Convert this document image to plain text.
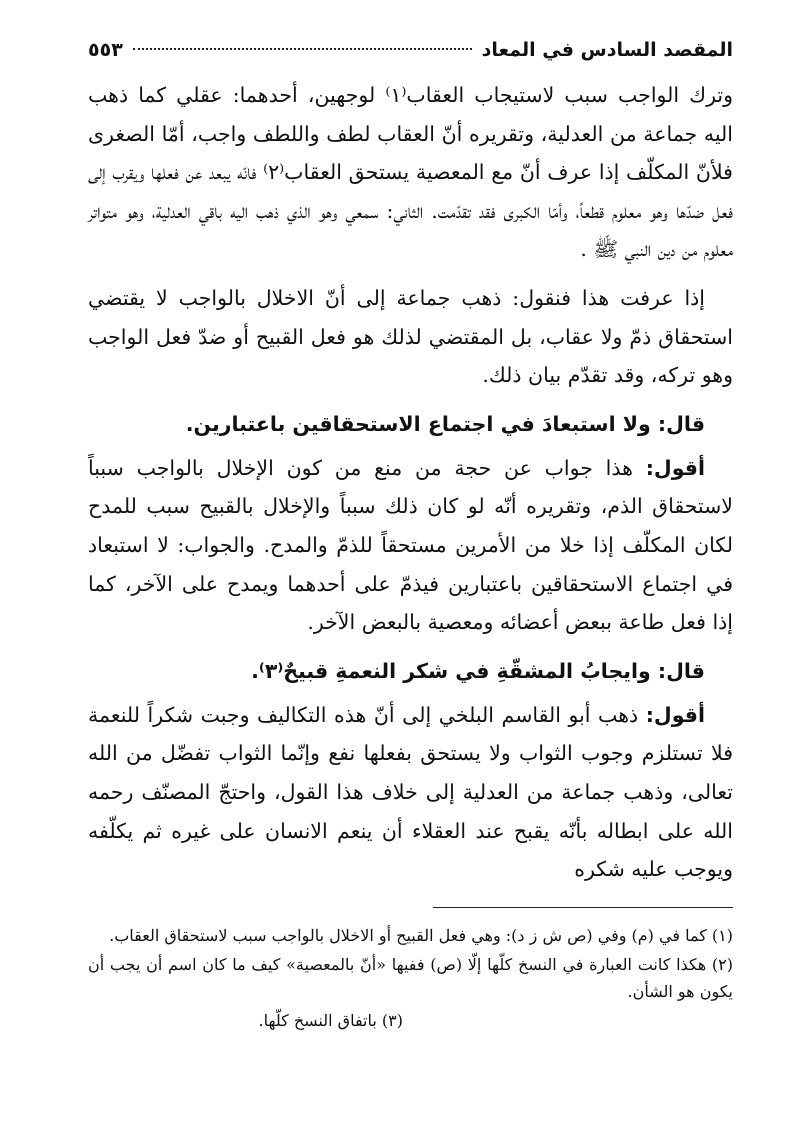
المقصد السادس في المعاد
٥٥٣

وترك الواجب سبب لاستيجاب العقاب⁽١⁾ لوجهين، أحدهما: عقلي كما ذهب اليه جماعة من العدلية، وتقريره أنّ العقاب لطف واللطف واجب، أمّا الصغرى فلأنّ المكلّف إذا عرف أنّ مع المعصية يستحق العقاب⁽٢⁾ فانّه يبعد عن فعلها ويقرب إلى فعل ضدّها وهو معلوم قطعاً، وأمّا الكبرى فقد تقدّمت. الثاني: سمعي وهو الذي ذهب اليه باقي العدلية، وهو متواتر معلوم من دين النبي ﷺ .

إذا عرفت هذا فنقول: ذهب جماعة إلى أنّ الاخلال بالواجب لا يقتضي استحقاق ذمّ ولا عقاب، بل المقتضي لذلك هو فعل القبيح أو ضدّ فعل الواجب وهو تركه، وقد تقدّم بيان ذلك.

قال: ولا استبعادَ في اجتماع الاستحقاقين باعتبارين.

أقول: هذا جواب عن حجة من منع من كون الإخلال بالواجب سبباً لاستحقاق الذم، وتقريره أنّه لو كان ذلك سبباً والإخلال بالقبيح سبب للمدح لكان المكلّف إذا خلا من الأمرين مستحقاً للذمّ والمدح. والجواب: لا استبعاد في اجتماع الاستحقاقين باعتبارين فيذمّ على أحدهما ويمدح على الآخر، كما إذا فعل طاعة ببعض أعضائه ومعصية بالبعض الآخر.

قال: وايجابُ المشقّةِ في شكر النعمةِ قبيحٌ⁽٣⁾.

أقول: ذهب أبو القاسم البلخي إلى أنّ هذه التكاليف وجبت شكراً للنعمة فلا تستلزم وجوب الثواب ولا يستحق بفعلها نفع وإنّما الثواب تفضّل من الله تعالى، وذهب جماعة من العدلية إلى خلاف هذا القول، واحتجّ المصنّف رحمه الله على ابطاله بأنّه يقبح عند العقلاء أن ينعم الانسان على غيره ثم يكلّفه ويوجب عليه شكره

(١) كما في (م) وفي (ص ش ز د): وهي فعل القبيح أو الاخلال بالواجب سبب لاستحقاق العقاب.

(٢) هكذا كانت العبارة في النسخ كلّها إلّا (ص) ففيها «أنّ بالمعصية» كيف ما كان اسم أن يجب أن يكون هو الشأن.

(٣) باتفاق النسخ كلّها.
